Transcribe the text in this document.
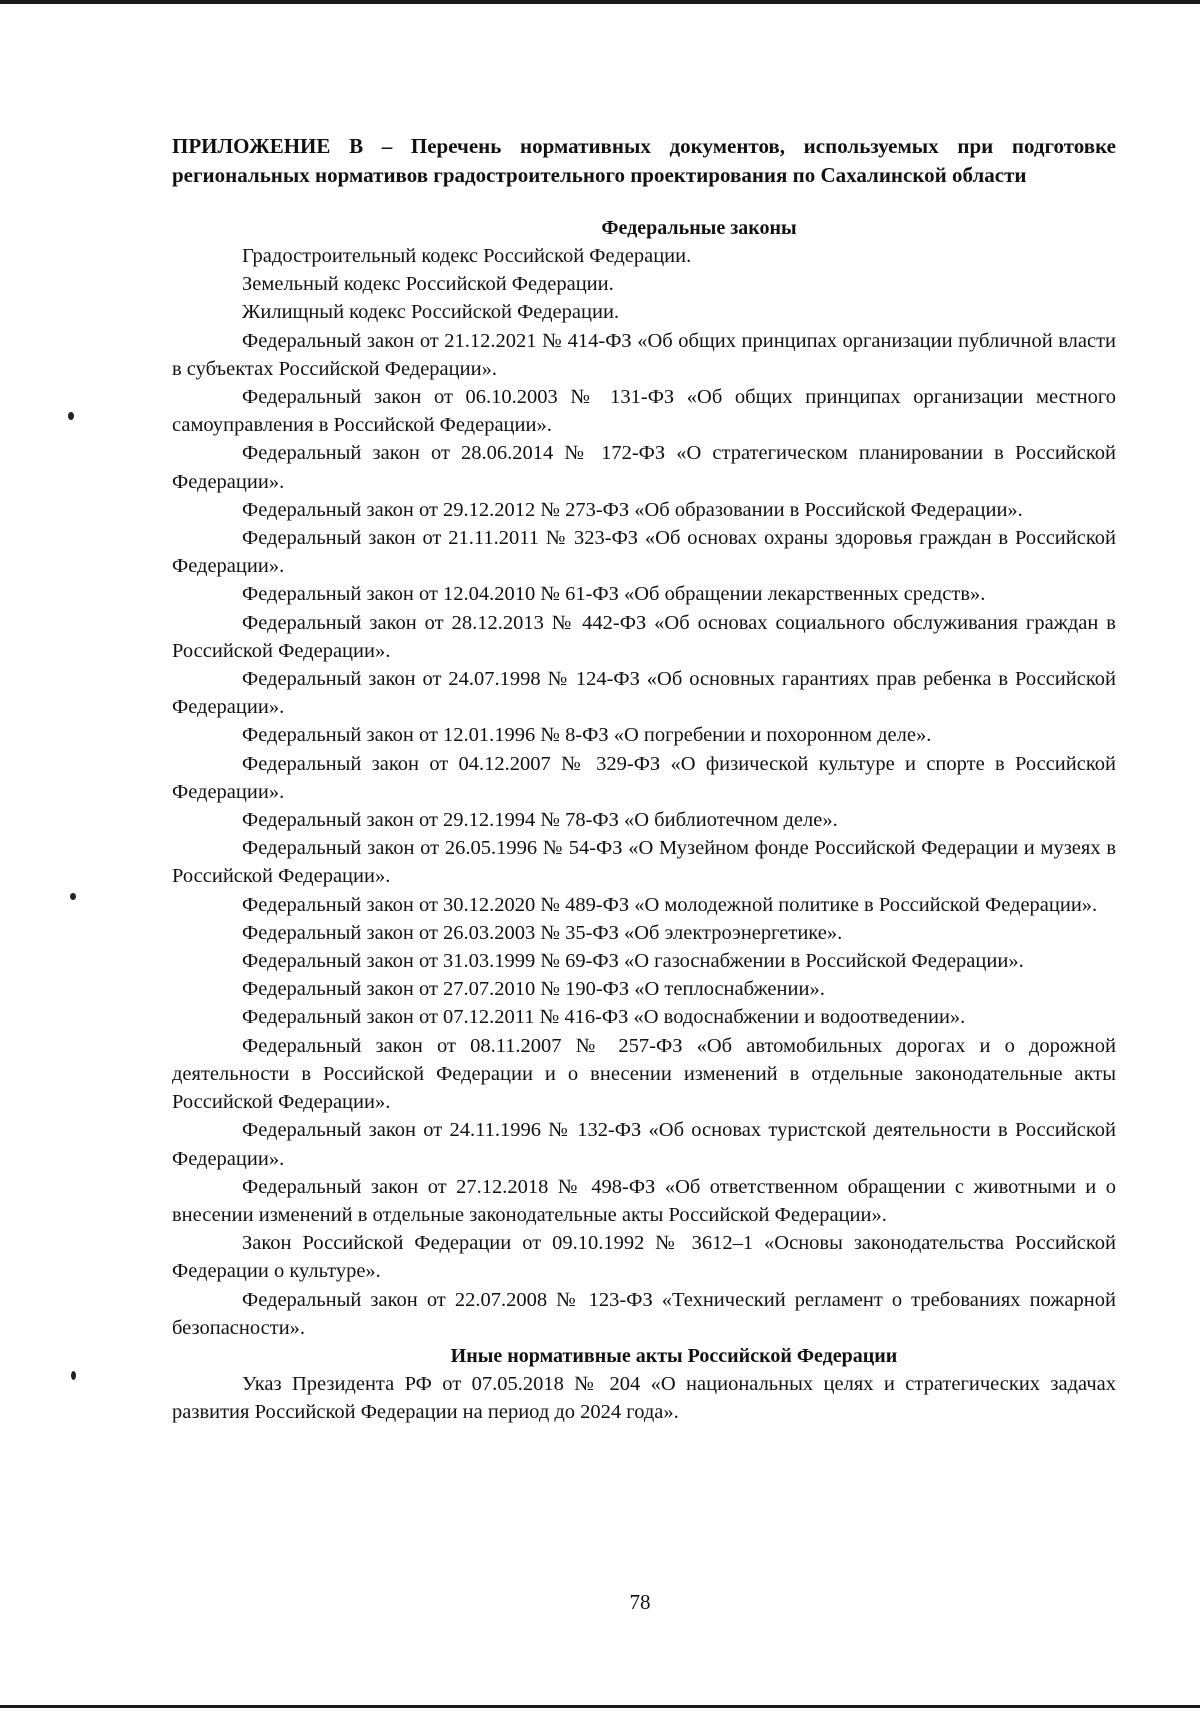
ПРИЛОЖЕНИЕ В – Перечень нормативных документов, используемых при подготовке региональных нормативов градостроительного проектирования по Сахалинской области

Федеральные законы

Градостроительный кодекс Российской Федерации.

Земельный кодекс Российской Федерации.

Жилищный кодекс Российской Федерации.

Федеральный закон от 21.12.2021 № 414-ФЗ «Об общих принципах организации публичной власти в субъектах Российской Федерации».

Федеральный закон от 06.10.2003 № 131-ФЗ «Об общих принципах организации местного самоуправления в Российской Федерации».

Федеральный закон от 28.06.2014 № 172-ФЗ «О стратегическом планировании в Российской Федерации».

Федеральный закон от 29.12.2012 № 273-ФЗ «Об образовании в Российской Федерации».

Федеральный закон от 21.11.2011 № 323-ФЗ «Об основах охраны здоровья граждан в Российской Федерации».

Федеральный закон от 12.04.2010 № 61-ФЗ «Об обращении лекарственных средств».

Федеральный закон от 28.12.2013 № 442-ФЗ «Об основах социального обслуживания граждан в Российской Федерации».

Федеральный закон от 24.07.1998 № 124-ФЗ «Об основных гарантиях прав ребенка в Российской Федерации».

Федеральный закон от 12.01.1996 № 8-ФЗ «О погребении и похоронном деле».

Федеральный закон от 04.12.2007 № 329-ФЗ «О физической культуре и спорте в Российской Федерации».

Федеральный закон от 29.12.1994 № 78-ФЗ «О библиотечном деле».

Федеральный закон от 26.05.1996 № 54-ФЗ «О Музейном фонде Российской Федерации и музеях в Российской Федерации».

Федеральный закон от 30.12.2020 № 489-ФЗ «О молодежной политике в Российской Федерации».

Федеральный закон от 26.03.2003 № 35-ФЗ «Об электроэнергетике».

Федеральный закон от 31.03.1999 № 69-ФЗ «О газоснабжении в Российской Федерации».

Федеральный закон от 27.07.2010 № 190-ФЗ «О теплоснабжении».

Федеральный закон от 07.12.2011 № 416-ФЗ «О водоснабжении и водоотведении».

Федеральный закон от 08.11.2007 № 257-ФЗ «Об автомобильных дорогах и о дорожной деятельности в Российской Федерации и о внесении изменений в отдельные законодательные акты Российской Федерации».

Федеральный закон от 24.11.1996 № 132-ФЗ «Об основах туристской деятельности в Российской Федерации».

Федеральный закон от 27.12.2018 № 498-ФЗ «Об ответственном обращении с животными и о внесении изменений в отдельные законодательные акты Российской Федерации».

Закон Российской Федерации от 09.10.1992 № 3612–1 «Основы законодательства Российской Федерации о культуре».

Федеральный закон от 22.07.2008 № 123-ФЗ «Технический регламент о требованиях пожарной безопасности».

Иные нормативные акты Российской Федерации

Указ Президента РФ от 07.05.2018 № 204 «О национальных целях и стратегических задачах развития Российской Федерации на период до 2024 года».

78
